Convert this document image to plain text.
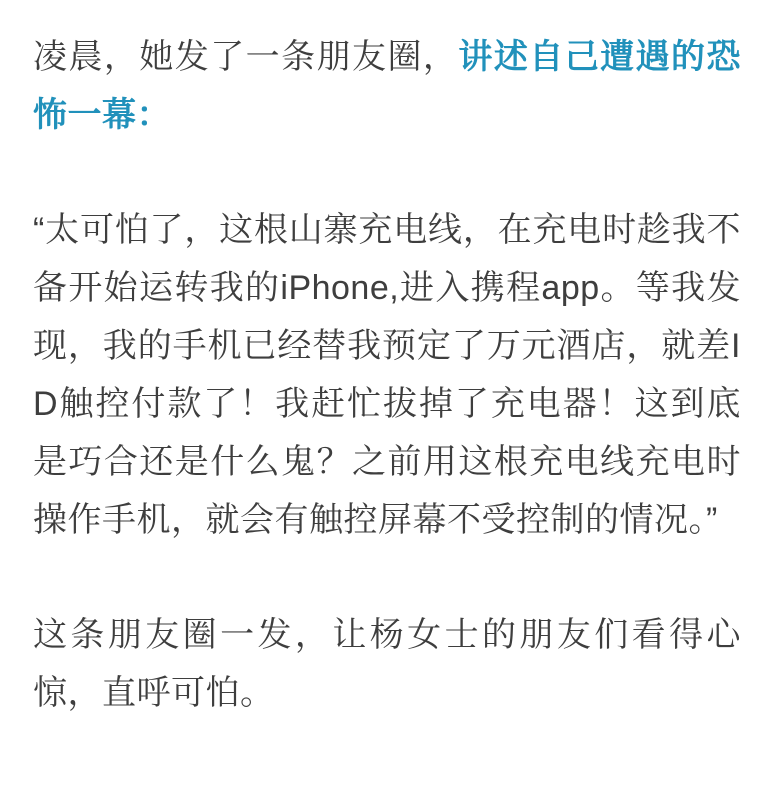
凌晨，她发了一条朋友圈，讲述自己遭遇的恐怖一幕：

“太可怕了，这根山寨充电线，在充电时趁我不备开始运转我的iPhone,进入携程app。等我发现，我的手机已经替我预定了万元酒店，就差ID触控付款了！我赶忙拔掉了充电器！这到底是巧合还是什么鬼？之前用这根充电线充电时操作手机，就会有触控屏幕不受控制的情况。”

这条朋友圈一发，让杨女士的朋友们看得心惊，直呼可怕。
